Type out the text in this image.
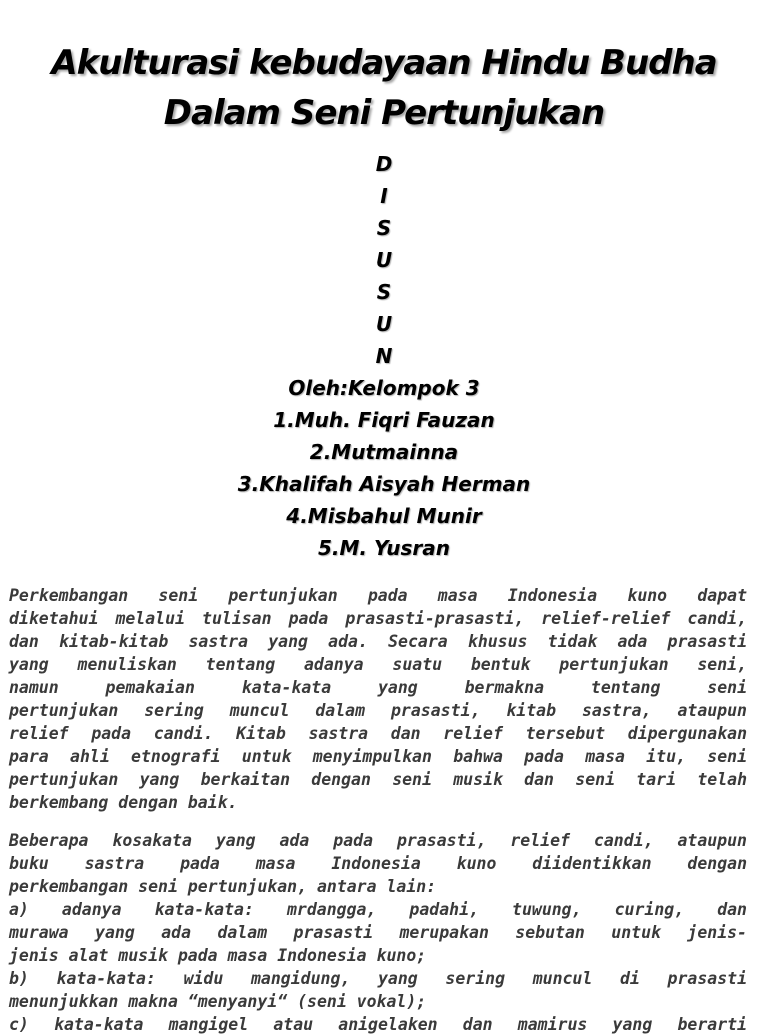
Akulturasi kebudayaan Hindu Budha
Dalam Seni Pertunjukan
D
I
S
U
S
U
N
Oleh:Kelompok 3
1.Muh. Fiqri Fauzan
2.Mutmainna
3.Khalifah Aisyah Herman
4.Misbahul Munir
5.M. Yusran
Perkembangan seni pertunjukan pada masa Indonesia kuno dapat
diketahui melalui tulisan pada prasasti-prasasti, relief-relief candi,
dan kitab-kitab sastra yang ada. Secara khusus tidak ada prasasti
yang menuliskan tentang adanya suatu bentuk pertunjukan seni,
namun pemakaian kata-kata yang bermakna tentang seni
pertunjukan sering muncul dalam prasasti, kitab sastra, ataupun
relief pada candi. Kitab sastra dan relief tersebut dipergunakan
para ahli etnografi untuk menyimpulkan bahwa pada masa itu, seni
pertunjukan yang berkaitan dengan seni musik dan seni tari telah
berkembang dengan baik.
Beberapa kosakata yang ada pada prasasti, relief candi, ataupun
buku sastra pada masa Indonesia kuno diidentikkan dengan
perkembangan seni pertunjukan, antara lain:
a) adanya kata-kata: mrdangga, padahi, tuwung, curing, dan
murawa yang ada dalam prasasti merupakan sebutan untuk jenis-
jenis alat musik pada masa Indonesia kuno;
b) kata-kata: widu mangidung, yang sering muncul di prasasti
menunjukkan makna “menyanyi“ (seni vokal);
c) kata-kata mangigel atau anigelaken dan mamirus yang berarti
